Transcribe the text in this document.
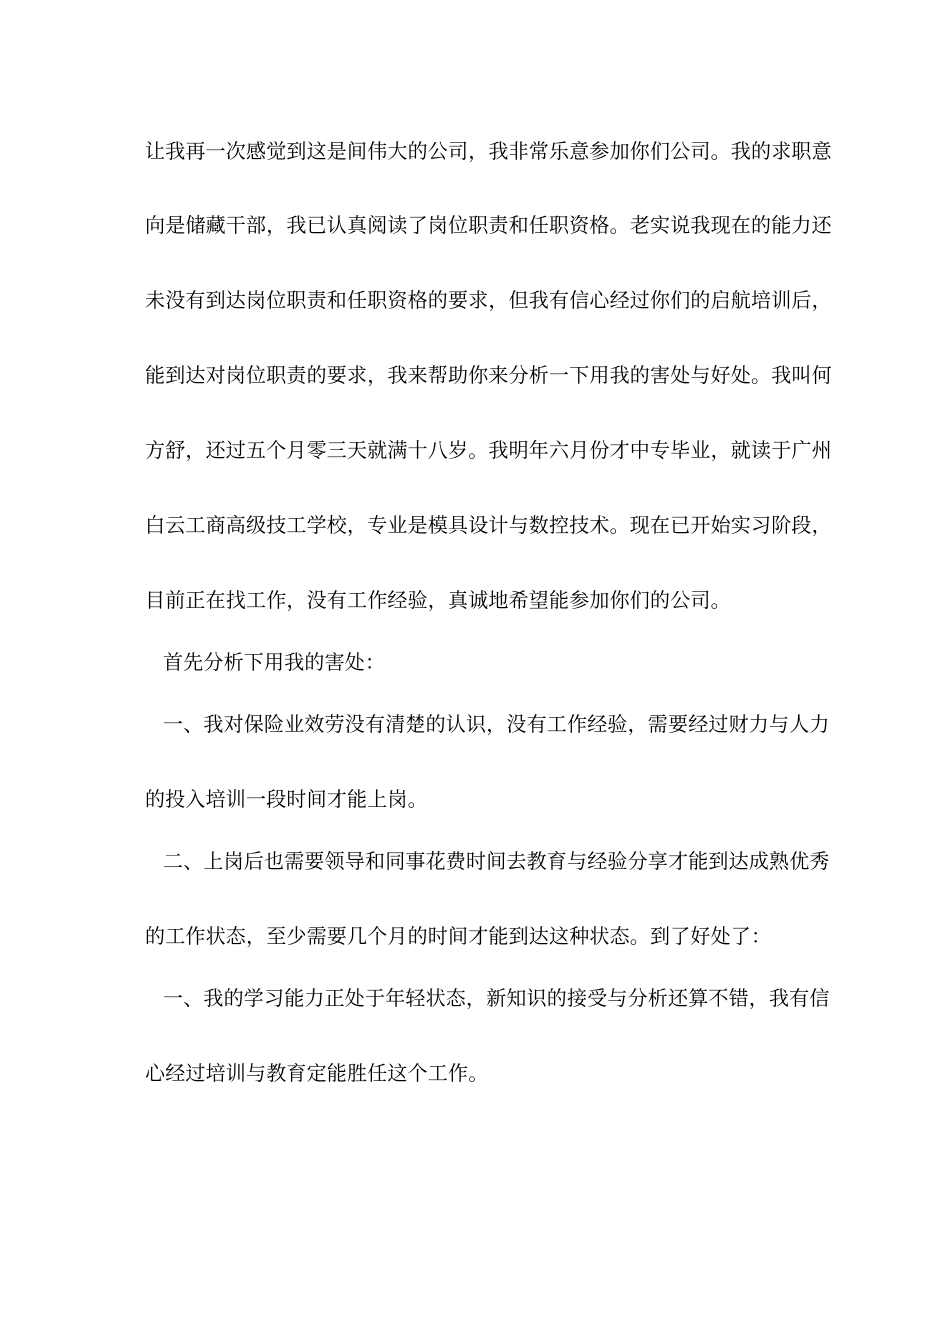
让我再一次感觉到这是间伟大的公司，我非常乐意参加你们公司。我的求职意
向是储藏干部，我已认真阅读了岗位职责和任职资格。老实说我现在的能力还
未没有到达岗位职责和任职资格的要求，但我有信心经过你们的启航培训后，
能到达对岗位职责的要求，我来帮助你来分析一下用我的害处与好处。我叫何
方舒，还过五个月零三天就满十八岁。我明年六月份才中专毕业，就读于广州
白云工商高级技工学校，专业是模具设计与数控技术。现在已开始实习阶段，
目前正在找工作，没有工作经验，真诚地希望能参加你们的公司。
首先分析下用我的害处：
一、我对保险业效劳没有清楚的认识，没有工作经验，需要经过财力与人力
的投入培训一段时间才能上岗。
二、上岗后也需要领导和同事花费时间去教育与经验分享才能到达成熟优秀
的工作状态，至少需要几个月的时间才能到达这种状态。到了好处了：
一、我的学习能力正处于年轻状态，新知识的接受与分析还算不错，我有信
心经过培训与教育定能胜任这个工作。
